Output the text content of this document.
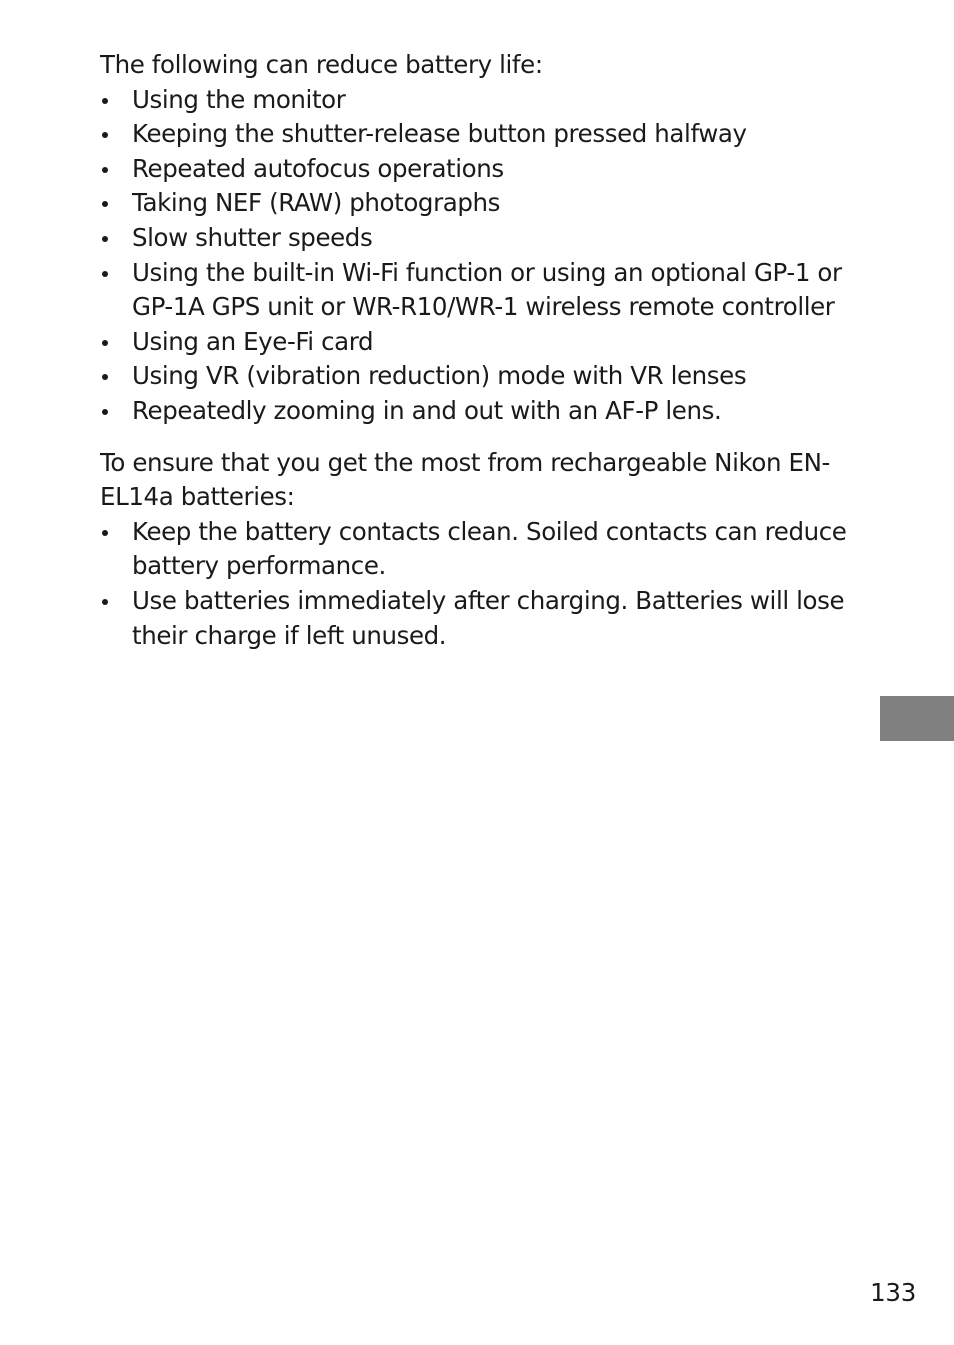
The following can reduce battery life:

Using the monitor
Keeping the shutter-release button pressed halfway
Repeated autofocus operations
Taking NEF (RAW) photographs
Slow shutter speeds
Using the built-in Wi-Fi function or using an optional GP-1 or GP-1A GPS unit or WR-R10/WR-1 wireless remote controller
Using an Eye-Fi card
Using VR (vibration reduction) mode with VR lenses
Repeatedly zooming in and out with an AF-P lens.

To ensure that you get the most from rechargeable Nikon EN-EL14a batteries:

Keep the battery contacts clean. Soiled contacts can reduce battery performance.
Use batteries immediately after charging. Batteries will lose their charge if left unused.
133
